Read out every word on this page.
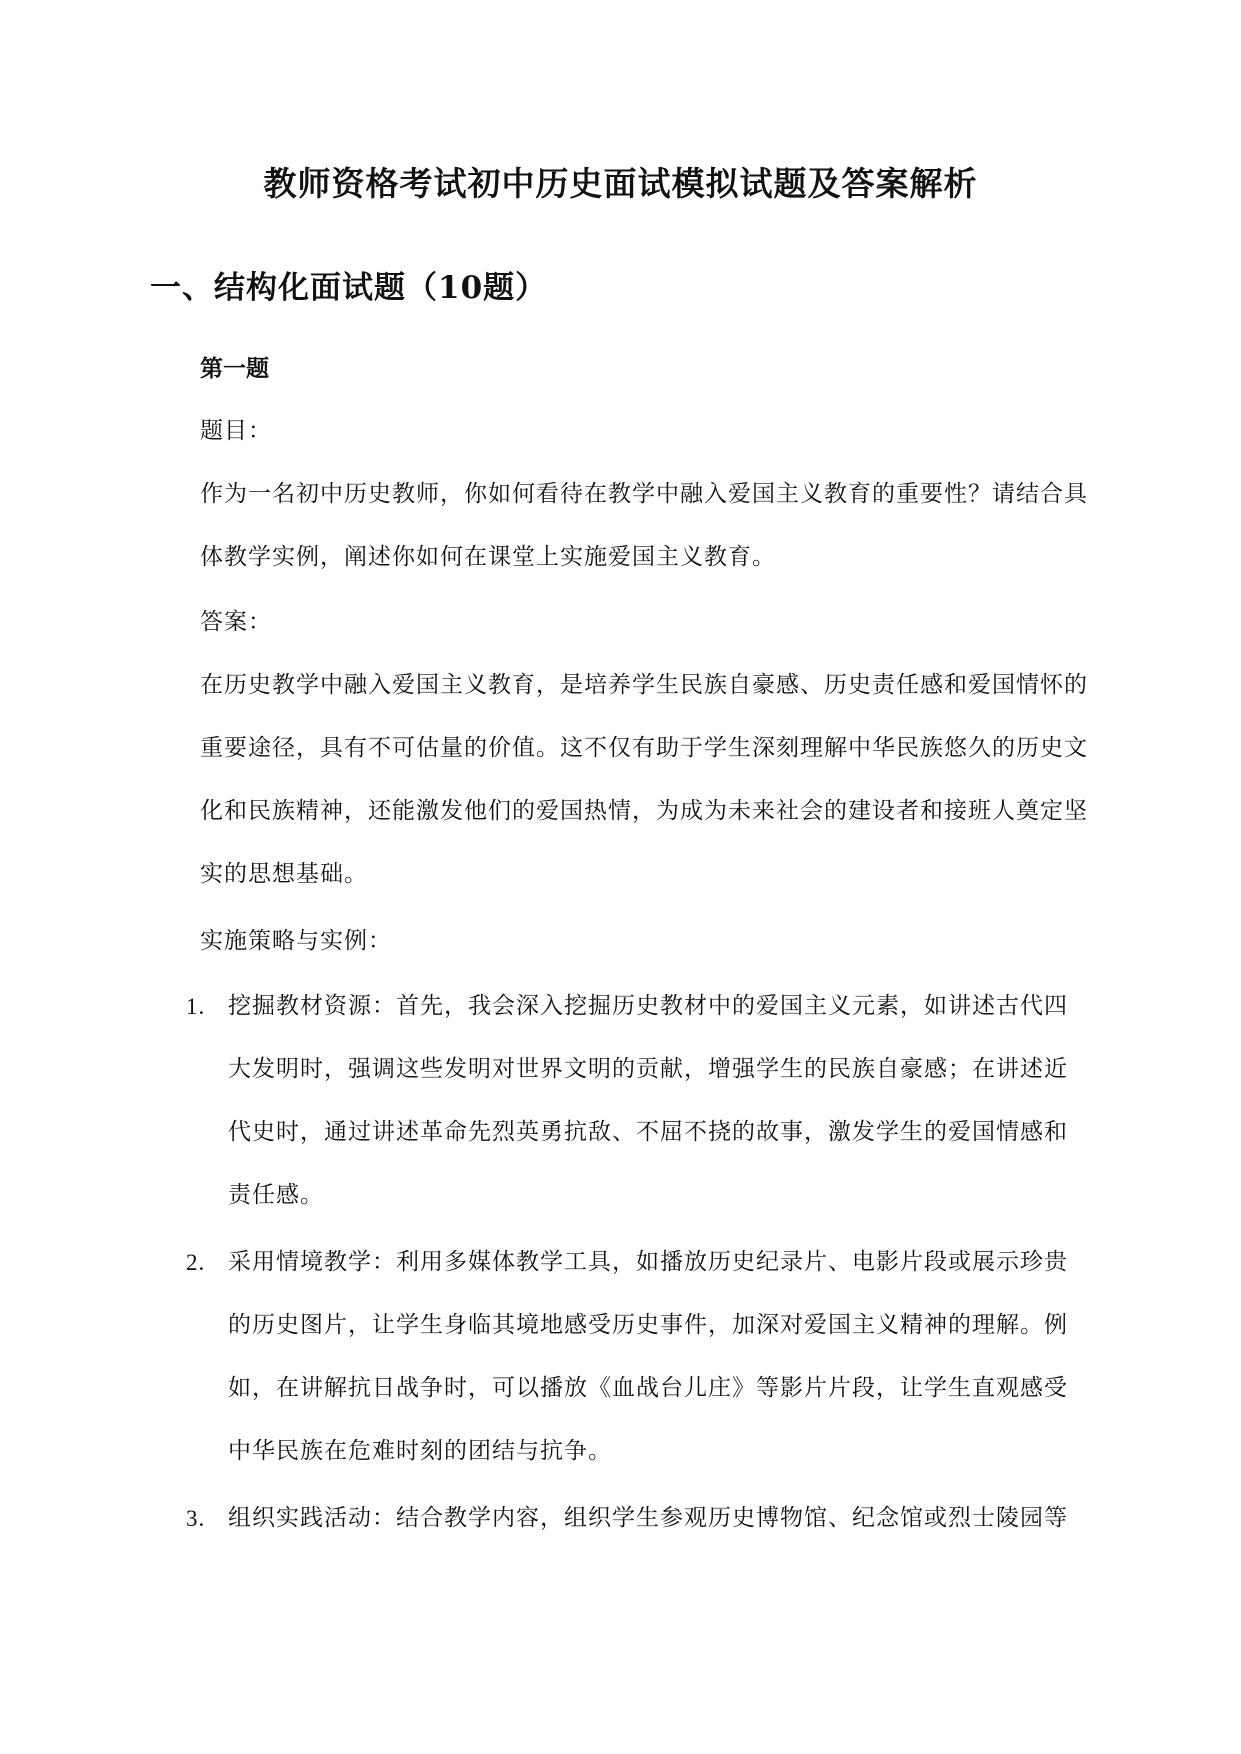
教师资格考试初中历史面试模拟试题及答案解析
一、结构化面试题（10题）
第一题
题目：
作为一名初中历史教师，你如何看待在教学中融入爱国主义教育的重要性？请结合具体教学实例，阐述你如何在课堂上实施爱国主义教育。
答案：
在历史教学中融入爱国主义教育，是培养学生民族自豪感、历史责任感和爱国情怀的重要途径，具有不可估量的价值。这不仅有助于学生深刻理解中华民族悠久的历史文化和民族精神，还能激发他们的爱国热情，为成为未来社会的建设者和接班人奠定坚实的思想基础。
实施策略与实例：
1. 挖掘教材资源：首先，我会深入挖掘历史教材中的爱国主义元素，如讲述古代四大发明时，强调这些发明对世界文明的贡献，增强学生的民族自豪感；在讲述近代史时，通过讲述革命先烈英勇抗敌、不屈不挠的故事，激发学生的爱国情感和责任感。
2. 采用情境教学：利用多媒体教学工具，如播放历史纪录片、电影片段或展示珍贵的历史图片，让学生身临其境地感受历史事件，加深对爱国主义精神的理解。例如，在讲解抗日战争时，可以播放《血战台儿庄》等影片片段，让学生直观感受中华民族在危难时刻的团结与抗争。
3. 组织实践活动：结合教学内容，组织学生参观历史博物馆、纪念馆或烈士陵园等
